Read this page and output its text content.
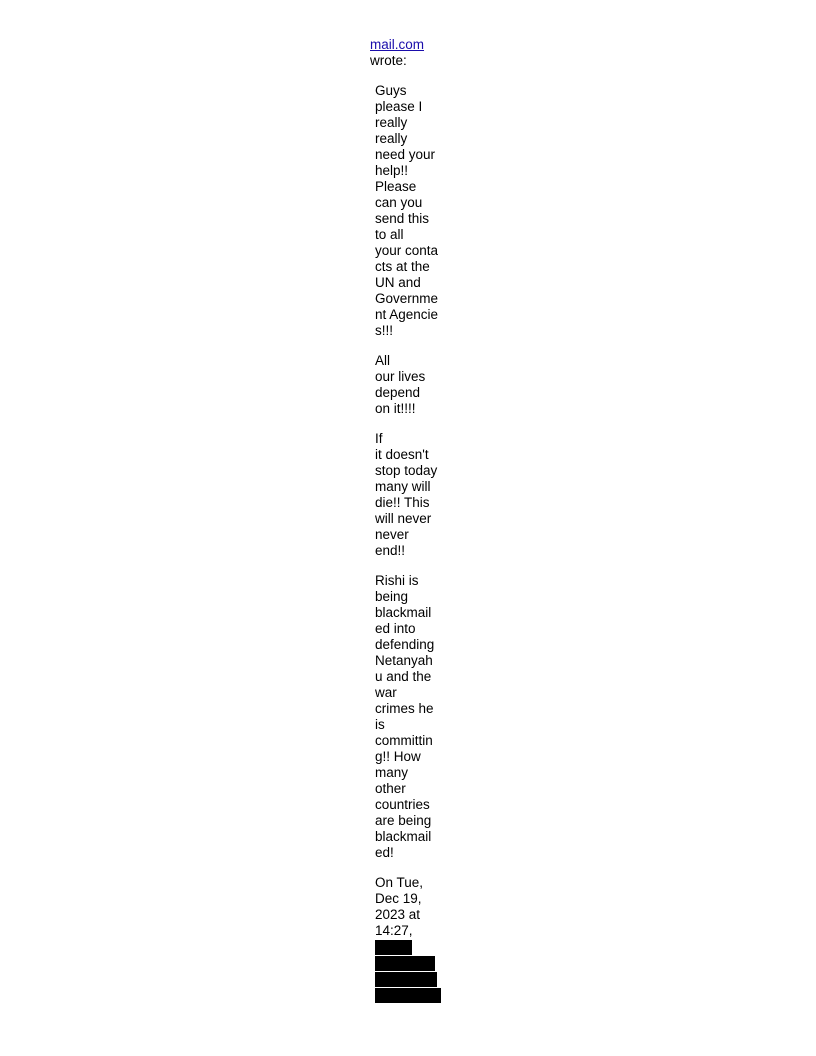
mail.com
wrote:
Guys
please I
really
really
need your
help!!
Please
can you
send this
to all
your conta
cts at the
UN and
Governme
nt Agencie
s!!!
All
our lives
depend
on it!!!!
If
it doesn't
stop today
many will
die!! This
will never
never
end!!
Rishi is
being
blackmail
ed into
defending
Netanyah
u and the
war
crimes he
is
committin
g!! How
many
other
countries
are being
blackmail
ed!
On Tue,
Dec 19,
2023 at
14:27,
